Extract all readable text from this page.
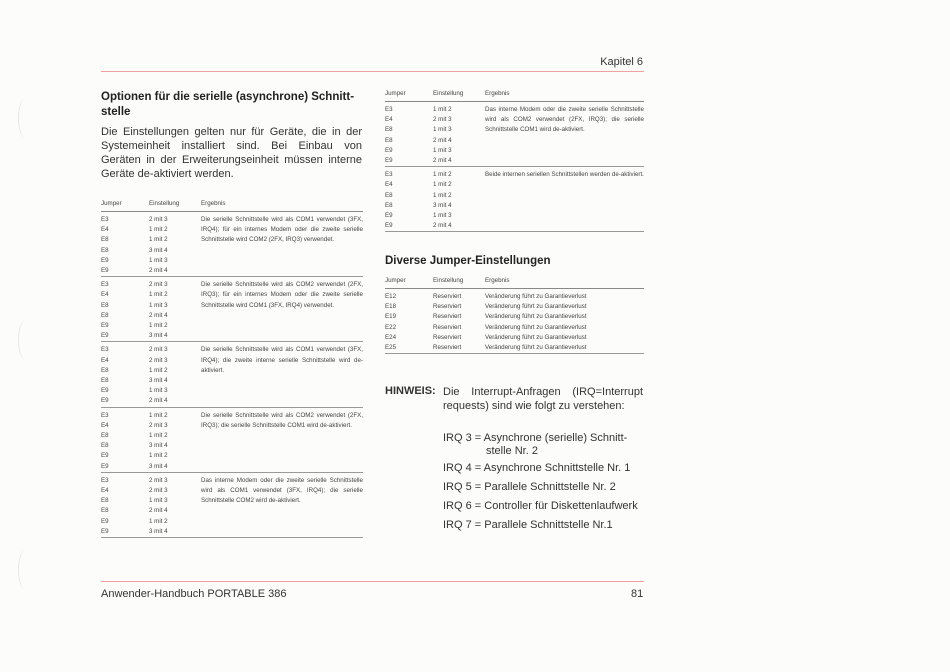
Kapitel 6
Optionen für die serielle (asynchrone) Schnitt-stelle
Die Einstellungen gelten nur für Geräte, die in der Systemeinheit installiert sind. Bei Einbau von Geräten in der Erweiterungseinheit müssen interne Geräte de-aktiviert werden.
Jumper	Einstellung	Ergebnis
E3	2 mit 3	Die serielle Schnittstelle wird als COM1 verwendet (3FX, IRQ4); für ein internes Modem oder die zweite serielle Schnittstelle wird COM2 (2FX, IRQ3) verwendet.
E4	1 mit 2	
E8	1 mit 2	
E8	3 mit 4	
E9	1 mit 3	
E9	2 mit 4	
E3	2 mit 3	Die serielle Schnittstelle wird als COM2 verwendet (2FX, IRQ3); für ein internes Modem oder die zweite serielle Schnittstelle wird COM1 (3FX, IRQ4) verwendet.
E4	1 mit 2	
E8	1 mit 3	
E8	2 mit 4	
E9	1 mit 2	
E9	3 mit 4	
E3	2 mit 3	Die serielle Schnittstelle wird als COM1 verwendet (3FX, IRQ4); die zweite interne serielle Schnittstelle wird de-aktiviert.
E4	2 mit 3	
E8	1 mit 2	
E8	3 mit 4	
E9	1 mit 3	
E9	2 mit 4	
E3	1 mit 2	Die serielle Schnittstelle wird als COM2 verwendet (2FX, IRQ3); die serielle Schnittstelle COM1 wird de-aktiviert.
E4	2 mit 3	
E8	1 mit 2	
E8	3 mit 4	
E9	1 mit 2	
E9	3 mit 4	
E3	2 mit 3	Das interne Modem oder die zweite serielle Schnittstelle wird als COM1 verwendet (3FX, IRQ4); die serielle Schnittstelle COM2 wird de-aktiviert.
E4	2 mit 3	
E8	1 mit 3	
E8	2 mit 4	
E9	1 mit 2	
E9	3 mit 4	
Jumper	Einstellung	Ergebnis
E3	1 mit 2	Das interne Modem oder die zweite serielle Schnittstelle wird als COM2 verwendet (2FX, IRQ3); die serielle Schnittstelle COM1 wird de-aktiviert.
E4	2 mit 3	
E8	1 mit 3	
E8	2 mit 4	
E9	1 mit 3	
E9	2 mit 4	
E3	1 mit 2	Beide internen seriellen Schnittstellen werden de-aktiviert.
E4	1 mit 2	
E8	1 mit 2	
E8	3 mit 4	
E9	1 mit 3	
E9	2 mit 4	
Diverse Jumper-Einstellungen
Jumper	Einstellung	Ergebnis
E12	Reserviert	Veränderung führt zu Garantieverlust
E18	Reserviert	Veränderung führt zu Garantieverlust
E19	Reserviert	Veränderung führt zu Garantieverlust
E22	Reserviert	Veränderung führt zu Garantieverlust
E24	Reserviert	Veränderung führt zu Garantieverlust
E25	Reserviert	Veränderung führt zu Garantieverlust
HINWEIS: Die Interrupt-Anfragen (IRQ=Interrupt requests) sind wie folgt zu verstehen:
IRQ 3 = Asynchrone (serielle) Schnitt-
stelle Nr. 2
IRQ 4 = Asynchrone Schnittstelle Nr. 1
IRQ 5 = Parallele Schnittstelle Nr. 2
IRQ 6 = Controller für Diskettenlaufwerk
IRQ 7 = Parallele Schnittstelle Nr.1
Anwender-Handbuch PORTABLE 386	81
